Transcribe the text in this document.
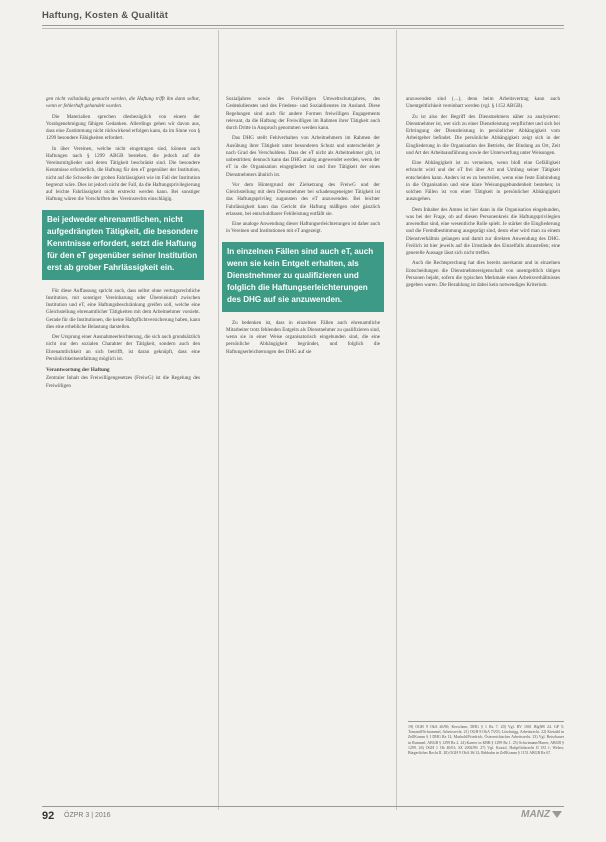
Haftung, Kosten & Qualität

gen nicht vollständig gemacht werden, die Haftung trifft ihn dann selbst, wenn er fehlerhaft gehandelt wurden.

Die Materialien sprechen diesbezüglich von einem der Vorabgenehmigung fähigen Gedanken. Allerdings gehen wir davon aus, dass eine Zustimmung nicht rückwirkend erfolgen kann, da im Sinne von § 1299 besondere Fähigkeiten erfordert.

In über Vereinen, welche nicht eingetragen sind, können auch Haftungen nach § 1299 ABGB bestehen, die jedoch auf die Vereinsmitglieder und deren Tätigkeit beschränkt sind. Die besondere Kenntnisse erforderlich, die Haftung für den eT gegenüber der Institution, nicht auf die Schwelle der groben Fahrlässigkeit wie im Fall der Institution begrenzt wäre. Dies ist jedoch nicht der Fall, da die Haftungsprivilegierung auf leichte Fahrlässigkeit nicht erstreckt werden kann. Bei sonstiger Haftung wären die Vorschriften des Vereinsrechts einschlägig.

Bei jedweder ehrenamtlichen, nicht aufgedrängten Tätigkeit, die besondere Kenntnisse erfordert, setzt die Haftung für den eT gegenüber seiner Institution erst ab grober Fahrlässigkeit ein.

Für diese Auffassung spricht auch, dass selbst ohne vertragsrechtliche Institution, mit sonstiger Vereinbarung oder Übereinkunft zwischen Institution und eT, eine Haftungsbeschränkung greifen soll, welche eine Gleichstellung ehrenamtlicher Tätigkeiten mit dem Arbeitnehmer vorsieht. Gerade für die Institutionen, die keine Haftpflichtversicherung haben, kann dies eine erhebliche Belastung darstellen.

Der Ursprung einer Ausnahmeerleichterung, die sich auch grundsätzlich nicht nur den sozialen Charakter der Tätigkeit, sondern auch den Ehrenamtlichkeit an sich betrifft, ist daran geknüpft, dass eine Persönlichkeitsentfaltung möglich ist.

Verantwortung der Haftung

Zentraler Inhalt des Freiwilligengesetzes (FreiwG) ist die Regelung des Freiwilligen

Sozialjahres sowie des Freiwilligen Umweltschutzjahres, des Gedenkdienstes und des Friedens- und Sozialdienstes im Ausland. Diese Regelungen sind auch für andere Formen freiwilligen Engagements relevant, da die Haftung der Freiwilligen im Rahmen ihrer Tätigkeit auch durch Dritte in Anspruch genommen werden kann.

Das DHG stellt Fehlverhalten von Arbeitnehmern im Rahmen der Ausübung ihrer Tätigkeit unter besonderen Schutz und unterscheidet je nach Grad des Verschuldens. Dass der eT nicht als Arbeitnehmer gilt, ist unbestritten; dennoch kann das DHG analog angewendet werden, wenn der eT in die Organisation eingegliedert ist und ihre Tätigkeit der eines Dienstnehmers ähnlich ist.

Vor dem Hintergrund der Zielsetzung des FreiwG und der Gleichstellung mit dem Dienstnehmer bei schadensgeneigter Tätigkeit ist das Haftungsprivileg zugunsten des eT anzuwenden. Bei leichter Fahrlässigkeit kann das Gericht die Haftung mäßigen oder gänzlich erlassen, bei entschuldbarer Fehlleistung entfällt sie.

Eine analoge Anwendung dieser Haftungserleichterungen ist daher auch in Vereinen und Institutionen mit eT angezeigt.

In einzelnen Fällen sind auch eT, auch wenn sie kein Entgelt erhalten, als Dienstnehmer zu qualifizieren und folglich die Haftungserleichterungen des DHG auf sie anzuwenden.

Zu bedenken ist, dass in einzelnen Fällen auch ehrenamtliche Mitarbeiter trotz fehlenden Entgelts als Dienstnehmer zu qualifizieren sind, wenn sie in einer Weise organisatorisch eingebunden sind, die eine persönliche Abhängigkeit begründet, und folglich die Haftungserleichterungen des DHG auf sie

anzuwenden sind (…), denn beim Arbeitsvertrag kann auch Unentgeltlichkeit vereinbart werden (vgl. § 1152 ABGB).

Zu ist also der Begriff des Dienstnehmers näher zu analysieren: Dienstnehmer ist, wer sich zu einer Dienstleistung verpflichtet und sich bei Erbringung der Dienstleistung in persönlicher Abhängigkeit vom Arbeitgeber befindet. Die persönliche Abhängigkeit zeigt sich in der Eingliederung in die Organisation des Betriebs, der Bindung an Ort, Zeit und Art der Arbeitsausführung sowie der Unterwerfung unter Weisungen.

Eine Abhängigkeit ist zu verneinen, wenn bloß eine Gefälligkeit erbracht wird und der eT frei über Art und Umfang seiner Tätigkeit entscheiden kann. Anders ist es zu beurteilen, wenn eine feste Einbindung in die Organisation und eine klare Weisungsgebundenheit bestehen; in solchen Fällen ist von einer Tätigkeit in persönlicher Abhängigkeit auszugehen.

Dem Inhaber des Amtes ist hier dann in die Organisation eingebunden, was bei der Frage, ob auf diesen Personenkreis die Haftungsprivilegien anwendbar sind, eine wesentliche Rolle spielt. Je stärker die Eingliederung und die Fremdbestimmung ausgeprägt sind, desto eher wird man zu einem Dienstverhältnis gelangen und damit zur direkten Anwendung des DHG. Freilich ist hier jeweils auf die Umstände des Einzelfalls abzustellen; eine generelle Aussage lässt sich nicht treffen.

Auch die Rechtsprechung hat dies bereits anerkannt und in einzelnen Entscheidungen die Dienstnehmereigenschaft von unentgeltlich tätigen Personen bejaht, sofern die typischen Merkmale eines Arbeitsverhältnisses gegeben waren. Die Bezahlung ist dabei kein notwendiges Kriterium.

19) OGH 9 ObA 26/90; Kerschner, DHG § 1 Rz 7. 20) Vgl. RV 1001 BlgNR 24. GP 5; Tomandl/Schrammel, Arbeitsrecht. 21) OGH 8 ObA 73/03; Löschnigg, Arbeitsrecht. 22) Kietaibl in ZellKomm § 1 DHG Rz 12; Marhold/Friedrich, Österreichisches Arbeitsrecht. 23) Vgl. Reischauer in Rummel, ABGB § 1299 Rz 2. 24) Karner in KBB § 1299 Rz 1. 25) Schwimann/Harrer, ABGB § 1299. 26) OGH 1 Ob 40/01; SZ 2002/89. 27) Vgl. Koziol, Haftpflichtrecht II 181 f; Welser, Bürgerliches Recht II. 28) OGH 9 ObA 36/12; Rebhahn in ZellKomm § 1151 ABGB Rz 67.
92 ÖZPR 3 | 2016	MANZ
